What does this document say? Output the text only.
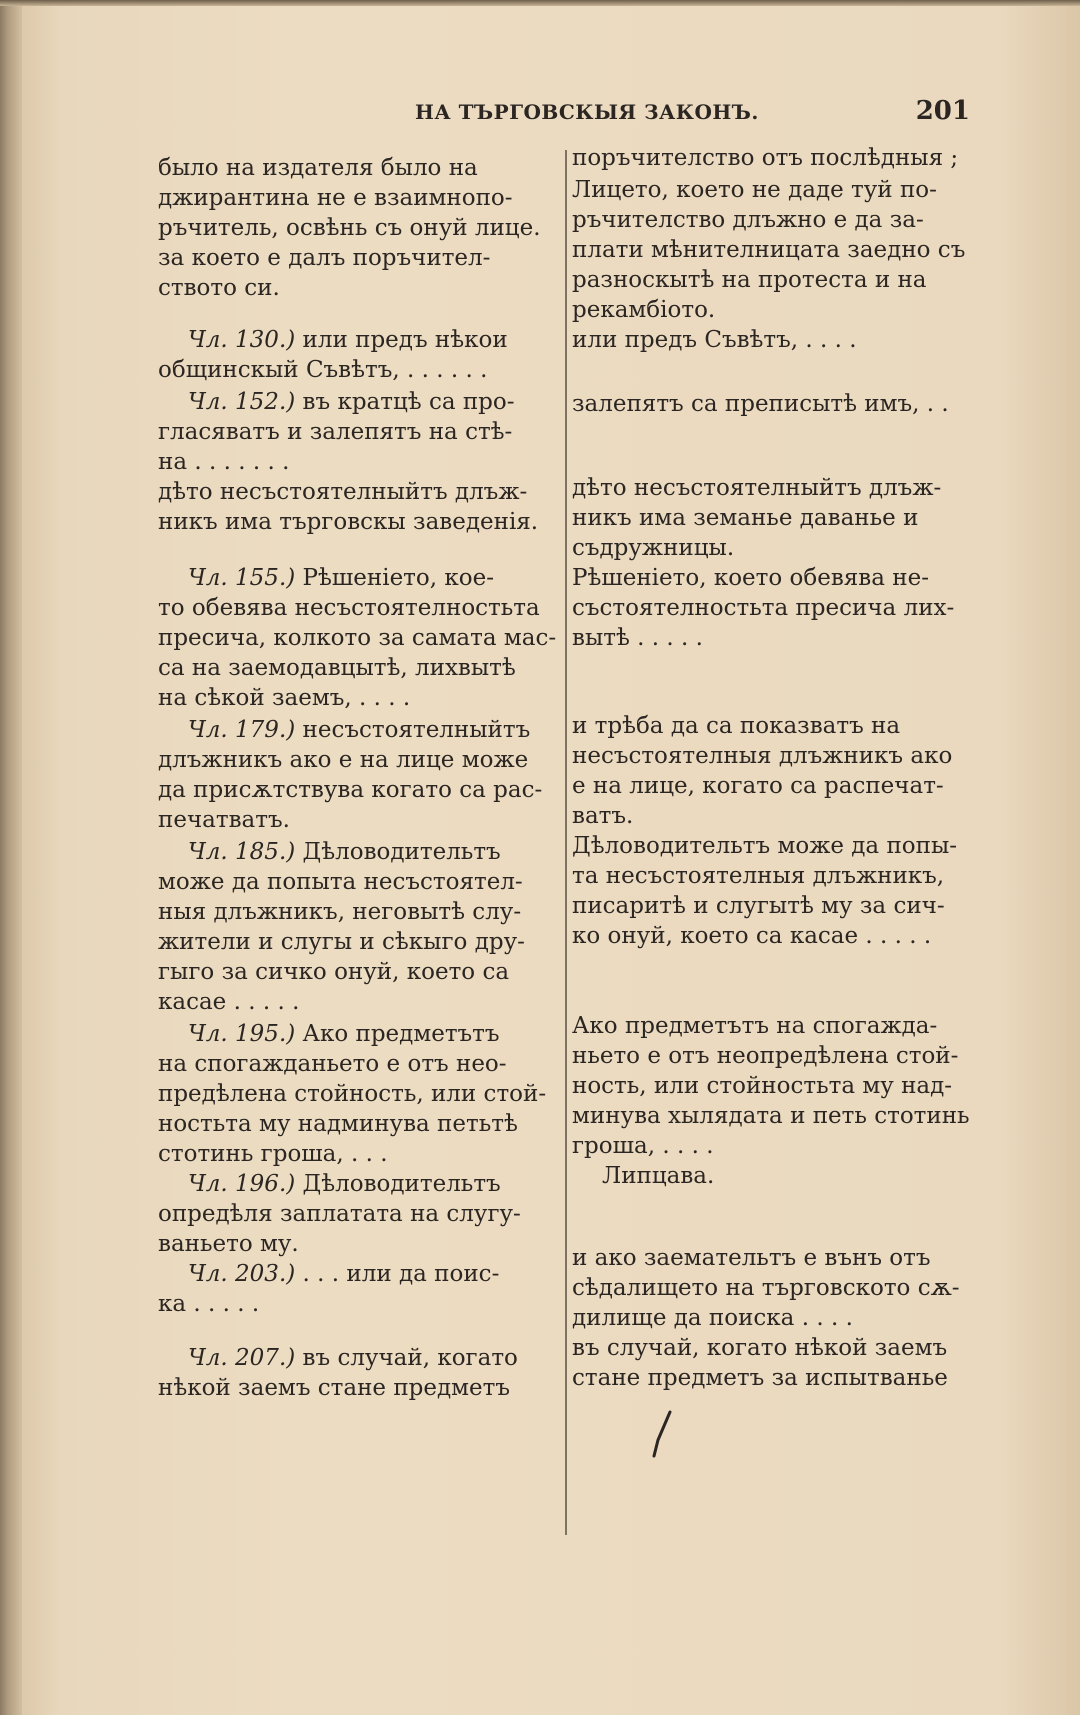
НА ТЪРГОВСКЫЯ ЗАКОНЪ.	201
было на издателя было на
джирантина не е взаимнопо-
ръчитель, освѣнь съ онуй лице.
за което е далъ поръчител-
ството си.
Чл. 130.) или предъ нѣкои
общинскый Съвѣтъ, . . . . . .
Чл. 152.) въ кратцѣ са про-
гласяватъ и залепятъ на стѣ-
на . . . . . . .
дѣто несъстоятелныйтъ длъж-
никъ има търговскы заведенія.
Чл. 155.) Рѣшеніето, кое-
то обевява несъстоятелностьта
пресича, колкото за самата мас-
са на заемодавцытѣ, лихвытѣ
на сѣкой заемъ, . . . .
Чл. 179.) несъстоятелныйтъ
длъжникъ ако е на лице може
да присѫтствува когато са рас-
печатватъ.
Чл. 185.) Дѣловодительтъ
може да попыта несъстоятел-
ныя длъжникъ, неговытѣ слу-
жители и слугы и сѣкыго дру-
гыго за сичко онуй, което са
касае . . . . .
Чл. 195.) Ако предметътъ
на спогажданьето е отъ нео-
предѣлена стойность, или стой-
ностьта му надминува петьтѣ
стотинь гроша, . . .
Чл. 196.) Дѣловодительтъ
опредѣля заплатата на слугу-
ваньето му.
Чл. 203.) . . . или да поис-
ка . . . . .
Чл. 207.) въ случай, когато
нѣкой заемъ стане предметъ
поръчителство отъ послѣдныя ;
Лицето, което не даде туй по-
ръчителство длъжно е да за-
плати мѣнителницата заедно съ
разноскытѣ на протеста и на
рекамбіото.
или предъ Съвѣтъ, . . . .
залепятъ са преписытѣ имъ, . .
дѣто несъстоятелныйтъ длъж-
никъ има земанье даванье и
съдружницы.
Рѣшеніето, което обевява не-
състоятелностьта пресича лих-
вытѣ . . . . .
и трѣба да са показватъ на
несъстоятелныя длъжникъ ако
е на лице, когато са распечат-
ватъ.
Дѣловодительтъ може да попы-
та несъстоятелныя длъжникъ,
писаритѣ и слугытѣ му за сич-
ко онуй, което са касае . . . . .
Ако предметътъ на спогажда-
ньето е отъ неопредѣлена стой-
ность, или стойностьта му над-
минува хылядата и петь стотинь
гроша, . . . .
Липцава.
и ако заемательтъ е вънъ отъ
сѣдалището на търговското сѫ-
дилище да поиска . . . .
въ случай, когато нѣкой заемъ
стане предметъ за испытванье
